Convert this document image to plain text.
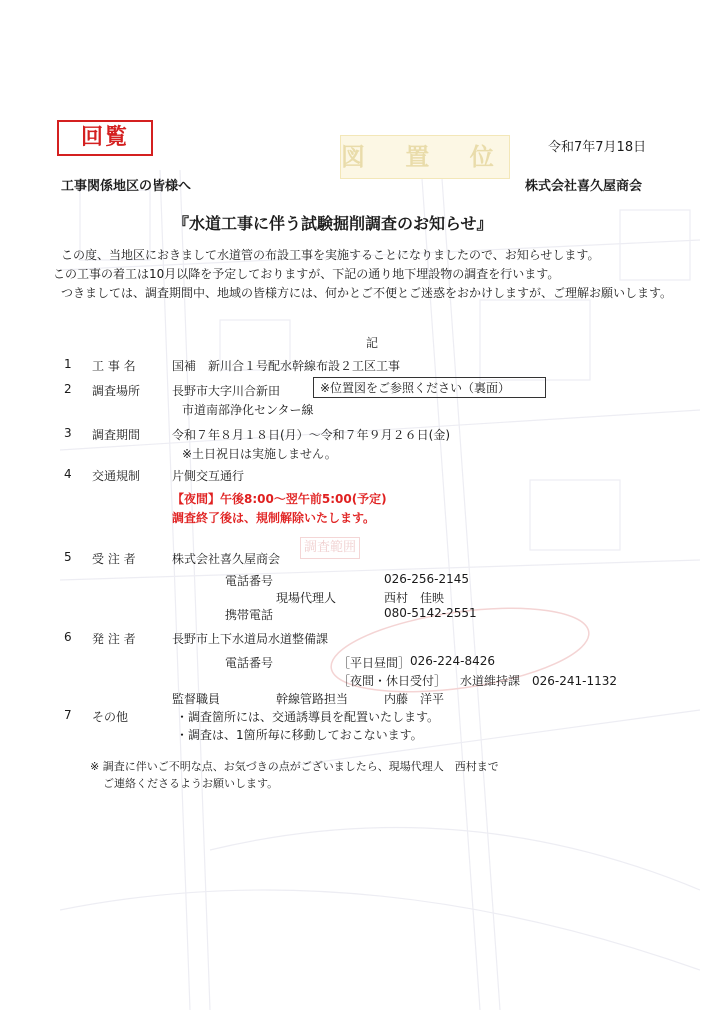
図 置 位
調査範囲
回覧	令和7年7月18日
工事関係地区の皆様へ	株式会社喜久屋商会
『水道工事に伴う試験掘削調査のお知らせ』
この度、当地区におきまして水道管の布設工事を実施することになりましたので、お知らせします。
この工事の着工は10月以降を予定しておりますが、下記の通り地下埋設物の調査を行います。
つきましては、調査期間中、地域の皆様方には、何かとご不便とご迷惑をおかけしますが、ご理解お願いします。
記
1 工 事 名	国補　新川合１号配水幹線布設２工区工事
2 調査場所	長野市大字川合新田	※位置図をご参照ください（裏面）
市道南部浄化センター線
3 調査期間	令和７年８月１８日(月）～令和７年９月２６日(金)
※土日祝日は実施しません。
4 交通規制	片側交互通行
【夜間】午後8:00～翌午前5:00(予定)
調査終了後は、規制解除いたします。
5 受 注 者	株式会社喜久屋商会
電話番号	026-256-2145
現場代理人	西村　佳映
携帯電話	080-5142-2551
6 発 注 者	長野市上下水道局水道整備課
電話番号	［平日昼間］ 026-224-8426
［夜間・休日受付］ 水道維持課　026-241-1132
監督職員	幹線管路担当	内藤　洋平
7 その他	・調査箇所には、交通誘導員を配置いたします。
・調査は、1箇所毎に移動しておこないます。
※ 調査に伴いご不明な点、お気づきの点がございましたら、現場代理人　西村まで
ご連絡くださるようお願いします。
